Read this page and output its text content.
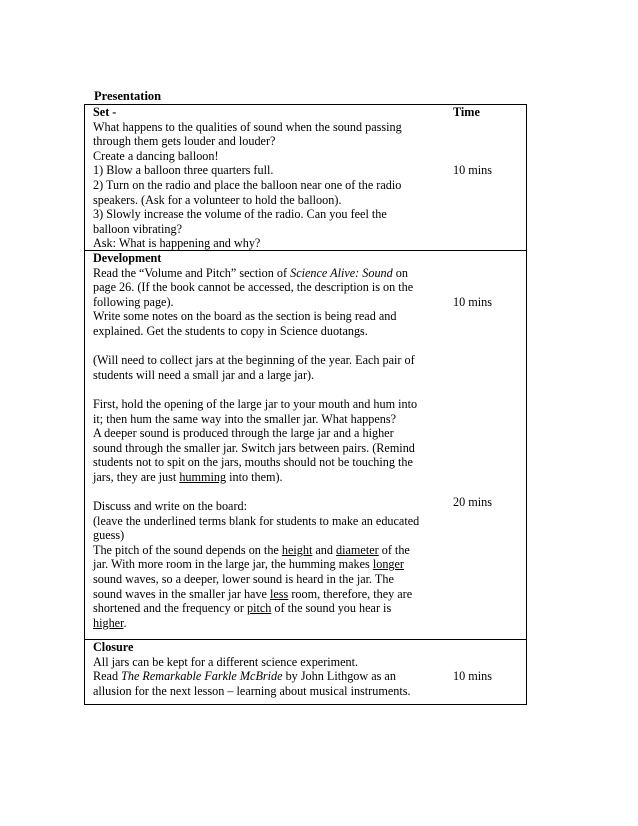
Presentation

Set -

What happens to the qualities of sound when the sound passing

through them gets louder and louder?

Create a dancing balloon!

1) Blow a balloon three quarters full.

2) Turn on the radio and place the balloon near one of the radio

speakers. (Ask for a volunteer to hold the balloon).

3) Slowly increase the volume of the radio. Can you feel the

balloon vibrating?

Ask: What is happening and why?

Time
10 mins

Development

Read the “Volume and Pitch” section of Science Alive: Sound on

page 26. (If the book cannot be accessed, the description is on the

following page).

Write some notes on the board as the section is being read and

explained. Get the students to copy in Science duotangs.

(Will need to collect jars at the beginning of the year. Each pair of

students will need a small jar and a large jar).

First, hold the opening of the large jar to your mouth and hum into

it; then hum the same way into the smaller jar. What happens?

A deeper sound is produced through the large jar and a higher

sound through the smaller jar. Switch jars between pairs. (Remind

students not to spit on the jars, mouths should not be touching the

jars, they are just humming into them).

Discuss and write on the board:

(leave the underlined terms blank for students to make an educated

guess)

The pitch of the sound depends on the height and diameter of the

jar. With more room in the large jar, the humming makes longer

sound waves, so a deeper, lower sound is heard in the jar. The

sound waves in the smaller jar have less room, therefore, they are

shortened and the frequency or pitch of the sound you hear is

higher.

10 mins
20 mins

Closure

All jars can be kept for a different science experiment.

Read The Remarkable Farkle McBride by John Lithgow as an

allusion for the next lesson – learning about musical instruments.

10 mins
